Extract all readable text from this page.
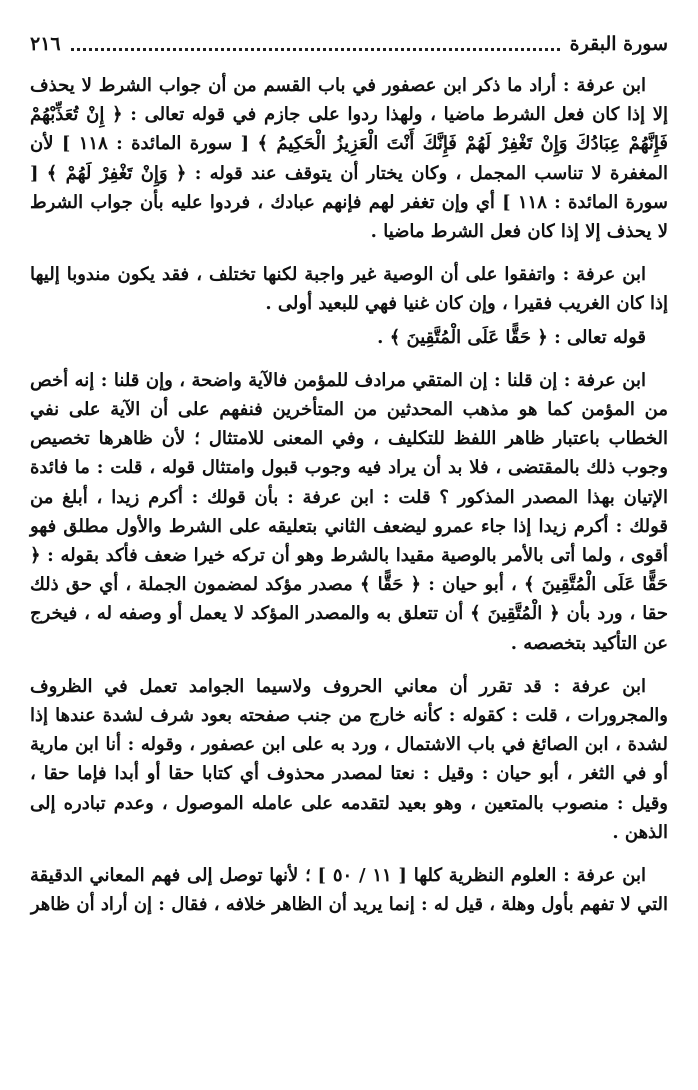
سورة البقرة
٢١٦

ابن عرفة : أراد ما ذكر ابن عصفور في باب القسم من أن جواب الشرط لا يحذف إلا إذا كان فعل الشرط ماضيا ، ولهذا ردوا على جازم في قوله تعالى : ﴿ إِنْ تُعَذِّبْهُمْ فَإِنَّهُمْ عِبَادُكَ وَإِنْ تَغْفِرْ لَهُمْ فَإِنَّكَ أَنْتَ الْعَزِيزُ الْحَكِيمُ ﴾ [ سورة المائدة : ١١٨ ] لأن المغفرة لا تناسب المجمل ، وكان يختار أن يتوقف عند قوله : ﴿ وَإِنْ تَغْفِرْ لَهُمْ ﴾ [ سورة المائدة : ١١٨ ] أي وإن تغفر لهم فإنهم عبادك ، فردوا عليه بأن جواب الشرط لا يحذف إلا إذا كان فعل الشرط ماضيا .

ابن عرفة : واتفقوا على أن الوصية غير واجبة لكنها تختلف ، فقد يكون مندوبا إليها إذا كان الغريب فقيرا ، وإن كان غنيا فهي للبعيد أولى .

قوله تعالى : ﴿ حَقًّا عَلَى الْمُتَّقِينَ ﴾ .

ابن عرفة : إن قلنا : إن المتقي مرادف للمؤمن فالآية واضحة ، وإن قلنا : إنه أخص من المؤمن كما هو مذهب المحدثين من المتأخرين فنفهم على أن الآية على نفي الخطاب باعتبار ظاهر اللفظ للتكليف ، وفي المعنى للامتثال ؛ لأن ظاهرها تخصيص وجوب ذلك بالمقتضى ، فلا بد أن يراد فيه وجوب قبول وامتثال قوله ، قلت : ما فائدة الإتيان بهذا المصدر المذكور ؟ قلت : ابن عرفة : بأن قولك : أكرم زيدا ، أبلغ من قولك : أكرم زيدا إذا جاء عمرو ليضعف الثاني بتعليقه على الشرط والأول مطلق فهو أقوى ، ولما أتى بالأمر بالوصية مقيدا بالشرط وهو أن تركه خيرا ضعف فأكد بقوله : ﴿ حَقًّا عَلَى الْمُتَّقِينَ ﴾ ، أبو حيان : ﴿ حَقًّا ﴾ مصدر مؤكد لمضمون الجملة ، أي حق ذلك حقا ، ورد بأن ﴿ الْمُتَّقِينَ ﴾ أن تتعلق به والمصدر المؤكد لا يعمل أو وصفه له ، فيخرج عن التأكيد بتخصصه .

ابن عرفة : قد تقرر أن معاني الحروف ولاسيما الجوامد تعمل في الظروف والمجرورات ، قلت : كقوله : كأنه خارج من جنب صفحته بعود شرف لشدة عندها إذا لشدة ، ابن الصائغ في باب الاشتمال ، ورد به على ابن عصفور ، وقوله : أنا ابن مارية أو في الثغر ، أبو حيان : وقيل : نعتا لمصدر محذوف أي كتابا حقا أو أبدا فإما حقا ، وقيل : منصوب بالمتعين ، وهو بعيد لتقدمه على عامله الموصول ، وعدم تبادره إلى الذهن .

ابن عرفة : العلوم النظرية كلها [ ١١ / ٥٠ ] ؛ لأنها توصل إلى فهم المعاني الدقيقة التي لا تفهم بأول وهلة ، قيل له : إنما يريد أن الظاهر خلافه ، فقال : إن أراد أن ظاهر
